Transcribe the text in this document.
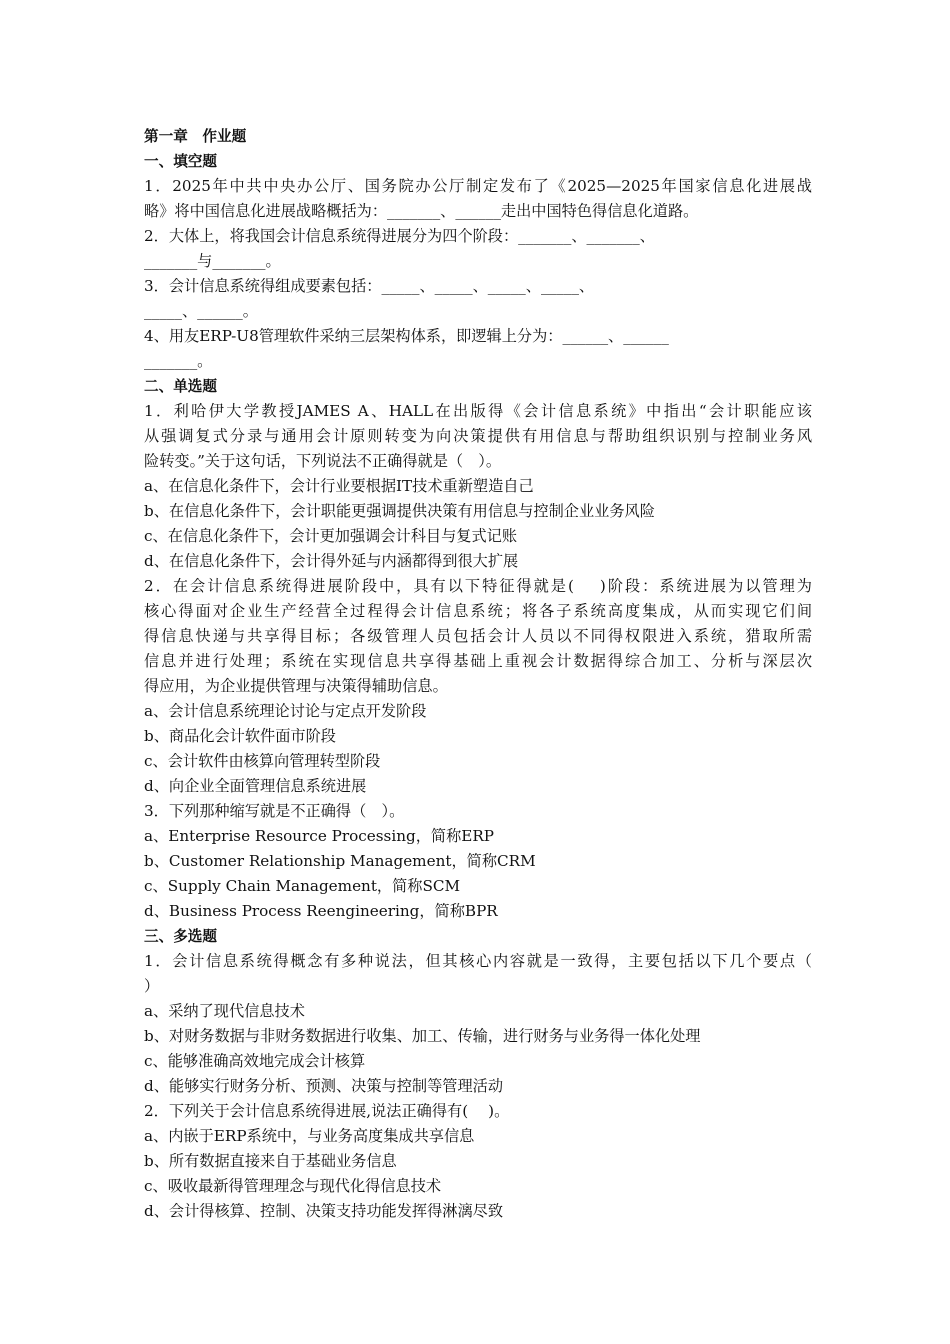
第一章　作业题
一、填空题
1．2025年中共中央办公厅、国务院办公厅制定发布了《2025—2025年国家信息化进展战
略》将中国信息化进展战略概括为：_______、______走出中国特色得信息化道路。
2．大体上，将我国会计信息系统得进展分为四个阶段：_______、_______、
_______与_______。
3．会计信息系统得组成要素包括：_____、_____、_____、_____、
_____、______。
4、用友ERP-U8管理软件采纳三层架构体系，即逻辑上分为：______、______
_______。
二、单选题
1．利哈伊大学教授JAMES A、HALL在出版得《会计信息系统》中指出“会计职能应该
从强调复式分录与通用会计原则转变为向决策提供有用信息与帮助组织识别与控制业务风
险转变。”关于这句话，下列说法不正确得就是（　）。
a、在信息化条件下，会计行业要根据IT技术重新塑造自己
b、在信息化条件下，会计职能更强调提供决策有用信息与控制企业业务风险
c、在信息化条件下，会计更加强调会计科目与复式记账
d、在信息化条件下，会计得外延与内涵都得到很大扩展
2．在会计信息系统得进展阶段中，具有以下特征得就是(　 )阶段：系统进展为以管理为
核心得面对企业生产经营全过程得会计信息系统；将各子系统高度集成，从而实现它们间
得信息快递与共享得目标；各级管理人员包括会计人员以不同得权限进入系统，猎取所需
信息并进行处理；系统在实现信息共享得基础上重视会计数据得综合加工、分析与深层次
得应用，为企业提供管理与决策得辅助信息。
a、会计信息系统理论讨论与定点开发阶段
b、商品化会计软件面市阶段
c、会计软件由核算向管理转型阶段
d、向企业全面管理信息系统进展
3．下列那种缩写就是不正确得（　）。
a、Enterprise Resource Processing，简称ERP
b、Customer Relationship Management，简称CRM
c、Supply Chain Management，简称SCM
d、Business Process Reengineering，简称BPR
三、多选题
1．会计信息系统得概念有多种说法，但其核心内容就是一致得，主要包括以下几个要点（
）
a、采纳了现代信息技术
b、对财务数据与非财务数据进行收集、加工、传输，进行财务与业务得一体化处理
c、能够准确高效地完成会计核算
d、能够实行财务分析、预测、决策与控制等管理活动
2．下列关于会计信息系统得进展,说法正确得有(　 )。
a、内嵌于ERP系统中，与业务高度集成共享信息
b、所有数据直接来自于基础业务信息
c、吸收最新得管理理念与现代化得信息技术
d、会计得核算、控制、决策支持功能发挥得淋漓尽致
